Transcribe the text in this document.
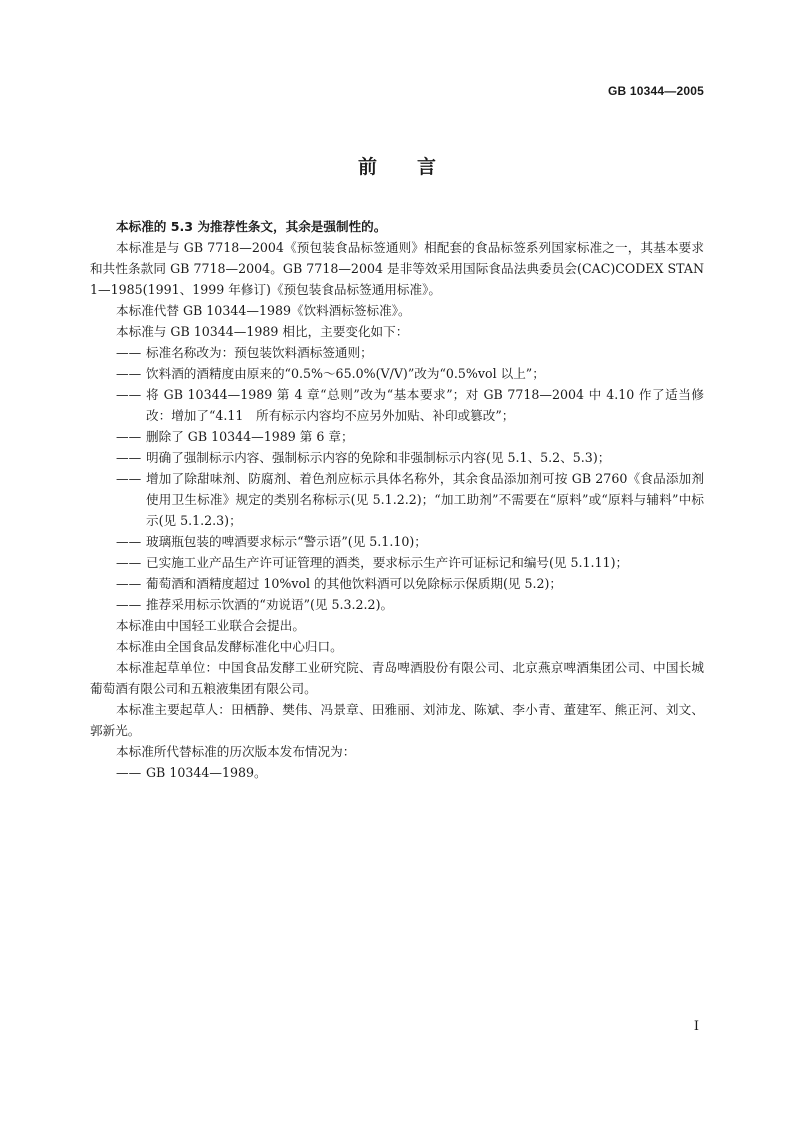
GB 10344—2005
前言

本标准的 5.3 为推荐性条文，其余是强制性的。

本标准是与 GB 7718—2004《预包装食品标签通则》相配套的食品标签系列国家标准之一，其基本要求和共性条款同 GB 7718—2004。GB 7718—2004 是非等效采用国际食品法典委员会(CAC)CODEX STAN 1—1985(1991、1999 年修订)《预包装食品标签通用标准》。

本标准代替 GB 10344—1989《饮料酒标签标准》。

本标准与 GB 10344—1989 相比，主要变化如下：

—— 标准名称改为：预包装饮料酒标签通则；

—— 饮料酒的酒精度由原来的“0.5%～65.0%(V/V)”改为“0.5%vol 以上”；

—— 将 GB 10344—1989 第 4 章“总则”改为“基本要求”；对 GB 7718—2004 中 4.10 作了适当修改：增加了“4.11　所有标示内容均不应另外加贴、补印或篡改”；

—— 删除了 GB 10344—1989 第 6 章；

—— 明确了强制标示内容、强制标示内容的免除和非强制标示内容(见 5.1、5.2、5.3)；

—— 增加了除甜味剂、防腐剂、着色剂应标示具体名称外，其余食品添加剂可按 GB 2760《食品添加剂使用卫生标准》规定的类别名称标示(见 5.1.2.2)；“加工助剂”不需要在“原料”或“原料与辅料”中标示(见 5.1.2.3)；

—— 玻璃瓶包装的啤酒要求标示“警示语”(见 5.1.10)；

—— 已实施工业产品生产许可证管理的酒类，要求标示生产许可证标记和编号(见 5.1.11)；

—— 葡萄酒和酒精度超过 10%vol 的其他饮料酒可以免除标示保质期(见 5.2)；

—— 推荐采用标示饮酒的“劝说语”(见 5.3.2.2)。

本标准由中国轻工业联合会提出。

本标准由全国食品发酵标准化中心归口。

本标准起草单位：中国食品发酵工业研究院、青岛啤酒股份有限公司、北京燕京啤酒集团公司、中国长城葡萄酒有限公司和五粮液集团有限公司。

本标准主要起草人：田栖静、樊伟、冯景章、田雅丽、刘沛龙、陈斌、李小青、董建军、熊正河、刘文、郭新光。

本标准所代替标准的历次版本发布情况为：

—— GB 10344—1989。

I
